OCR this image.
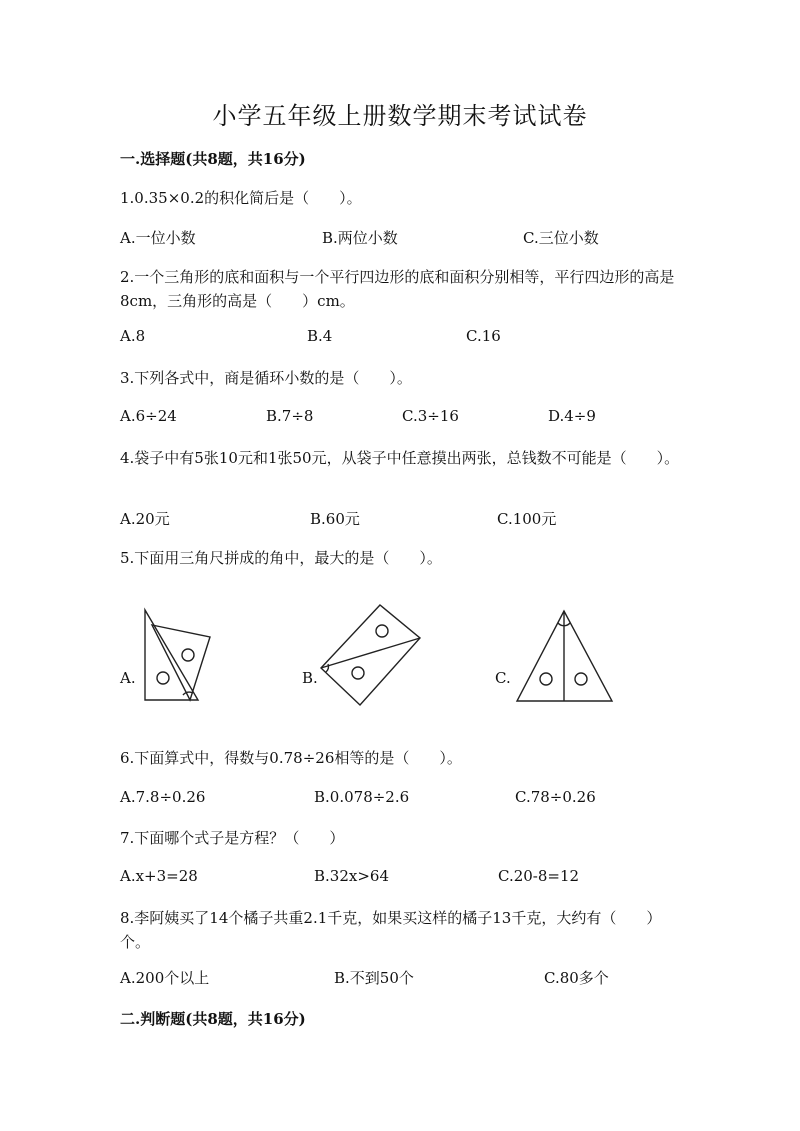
小学五年级上册数学期末考试试卷
一.选择题(共8题，共16分)
1.0.35×0.2的积化简后是（　　）。
A.一位小数	B.两位小数	C.三位小数
2.一个三角形的底和面积与一个平行四边形的底和面积分别相等，平行四边形的高是8cm，三角形的高是（　　）cm。
A.8	B.4	C.16
3.下列各式中，商是循环小数的是（　　）。
A.6÷24	B.7÷8	C.3÷16	D.4÷9
4.袋子中有5张10元和1张50元，从袋子中任意摸出两张，总钱数不可能是（　　）。
A.20元	B.60元	C.100元
5.下面用三角尺拼成的角中，最大的是（　　）。
A.	B.	C.
6.下面算式中，得数与0.78÷26相等的是（　　）。
A.7.8÷0.26	B.0.078÷2.6	C.78÷0.26
7.下面哪个式子是方程？（　　）
A.x+3=28	B.32x>64	C.20-8=12
8.李阿姨买了14个橘子共重2.1千克，如果买这样的橘子13千克，大约有（　　）个。
A.200个以上	B.不到50个	C.80多个
二.判断题(共8题，共16分)
